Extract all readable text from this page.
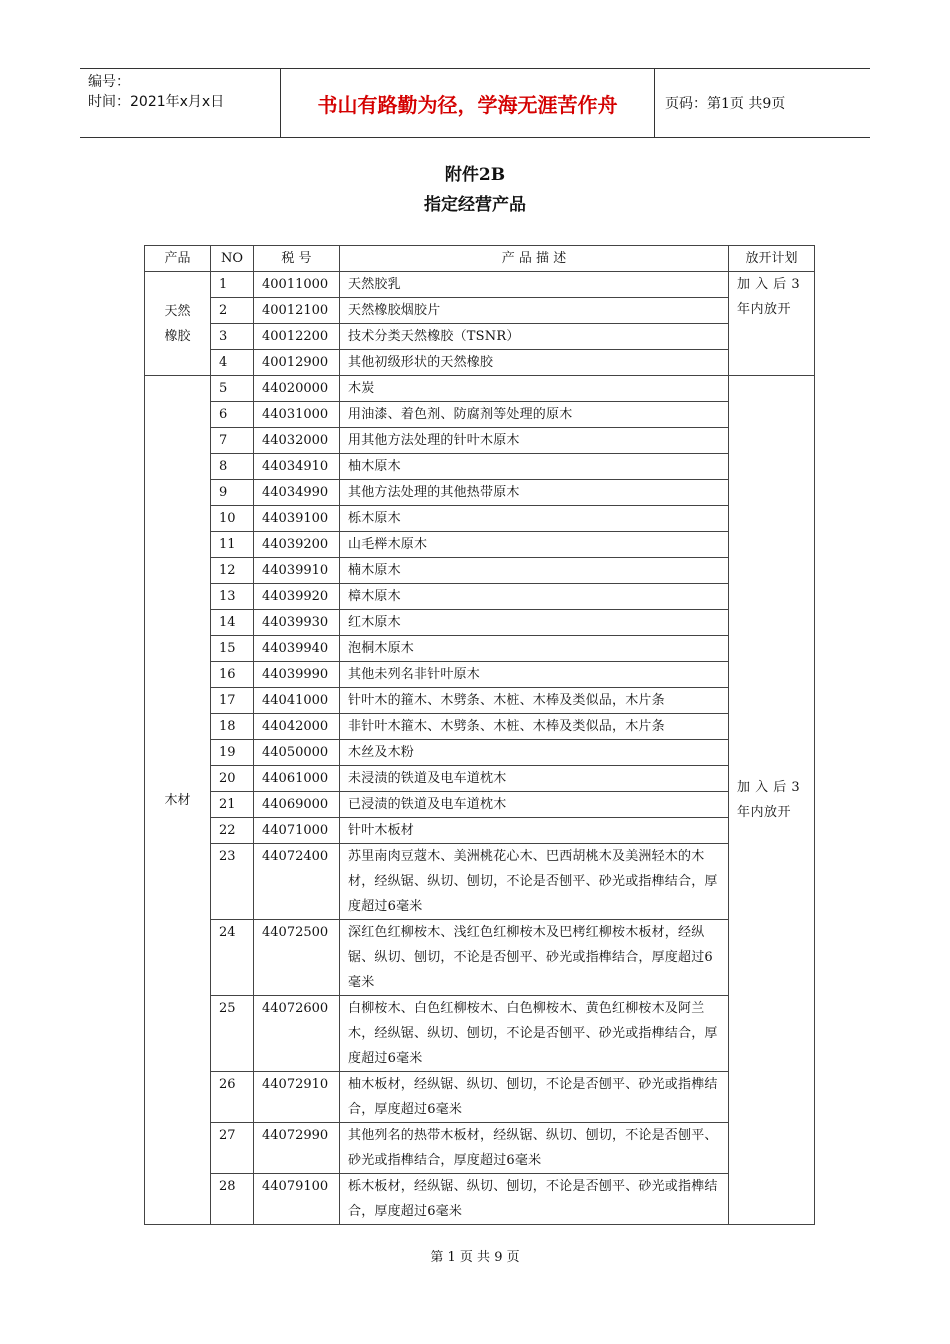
编号：
时间：2021年x月x日	书山有路勤为径，学海无涯苦作舟	页码：第1页 共9页
附件2B
指定经营产品
产品	NO	税 号	产 品 描 述	放开计划
天然橡胶	1	40011000	天然胶乳	加 入 后 3 年内放开
	2	40012100	天然橡胶烟胶片	
	3	40012200	技术分类天然橡胶（TSNR）	
	4	40012900	其他初级形状的天然橡胶	
木材	5	44020000	木炭	加 入 后 3 年内放开
	6	44031000	用油漆、着色剂、防腐剂等处理的原木	
	7	44032000	用其他方法处理的针叶木原木	
	8	44034910	柚木原木	
	9	44034990	其他方法处理的其他热带原木	
	10	44039100	栎木原木	
	11	44039200	山毛榉木原木	
	12	44039910	楠木原木	
	13	44039920	樟木原木	
	14	44039930	红木原木	
	15	44039940	泡桐木原木	
	16	44039990	其他未列名非针叶原木	
	17	44041000	针叶木的箍木、木劈条、木桩、木棒及类似品，木片条	
	18	44042000	非针叶木箍木、木劈条、木桩、木棒及类似品，木片条	
	19	44050000	木丝及木粉	
	20	44061000	未浸渍的铁道及电车道枕木	
	21	44069000	已浸渍的铁道及电车道枕木	
	22	44071000	针叶木板材	
	23	44072400	苏里南肉豆蔻木、美洲桃花心木、巴西胡桃木及美洲轻木的木材，经纵锯、纵切、刨切，不论是否刨平、砂光或指榫结合，厚度超过6毫米	
	24	44072500	深红色红柳桉木、浅红色红柳桉木及巴栲红柳桉木板材，经纵锯、纵切、刨切，不论是否刨平、砂光或指榫结合，厚度超过6毫米	
	25	44072600	白柳桉木、白色红柳桉木、白色柳桉木、黄色红柳桉木及阿兰木，经纵锯、纵切、刨切，不论是否刨平、砂光或指榫结合，厚度超过6毫米	
	26	44072910	柚木板材，经纵锯、纵切、刨切，不论是否刨平、砂光或指榫结合，厚度超过6毫米	
	27	44072990	其他列名的热带木板材，经纵锯、纵切、刨切，不论是否刨平、砂光或指榫结合，厚度超过6毫米	
	28	44079100	栎木板材，经纵锯、纵切、刨切，不论是否刨平、砂光或指榫结合，厚度超过6毫米	
第 1 页 共 9 页
